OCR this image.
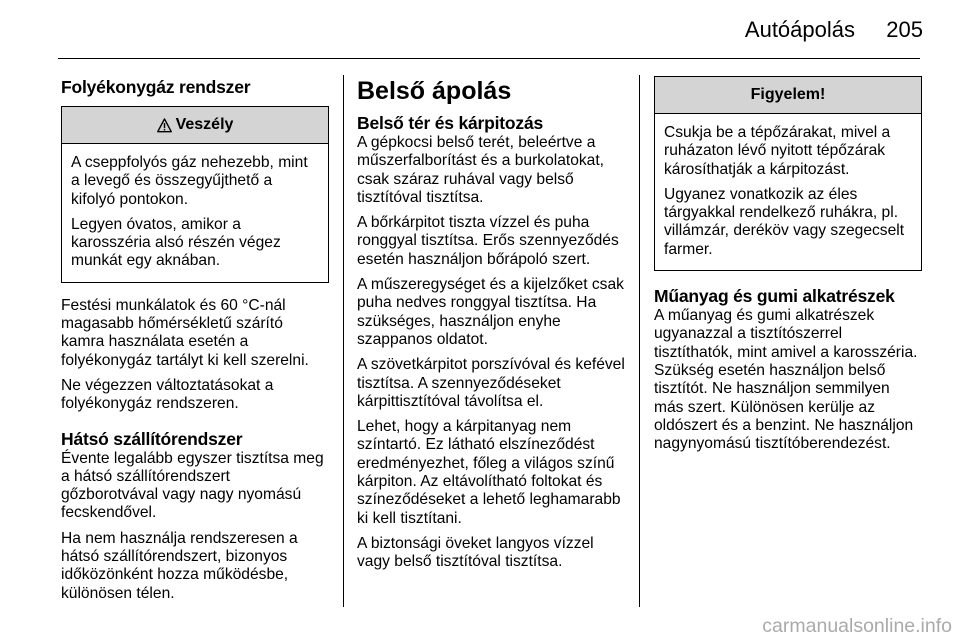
Autóápolás	205
Folyékonygáz rendszer
Veszély

A cseppfolyós gáz nehezebb, mint a levegő és összegyűjthető a kifolyó pontokon.

Legyen óvatos, amikor a karosszéria alsó részén végez munkát egy aknában.

Festési munkálatok és 60 °C-nál magasabb hőmérsékletű szárító kamra használata esetén a folyékonygáz tartályt ki kell szerelni.

Ne végezzen változtatásokat a folyékonygáz rendszeren.

Hátsó szállítórendszer

Évente legalább egyszer tisztítsa meg a hátsó szállítórendszert gőzborotvával vagy nagy nyomású fecskendővel.

Ha nem használja rendszeresen a hátsó szállítórendszert, bizonyos időközönként hozza működésbe, különösen télen.

Belső ápolás
Belső tér és kárpitozás

A gépkocsi belső terét, beleértve a műszerfalborítást és a burkolatokat, csak száraz ruhával vagy belső tisztítóval tisztítsa.

A bőrkárpitot tiszta vízzel és puha ronggyal tisztítsa. Erős szennyeződés esetén használjon bőrápoló szert.

A műszeregységet és a kijelzőket csak puha nedves ronggyal tisztítsa. Ha szükséges, használjon enyhe szappanos oldatot.

A szövetkárpitot porszívóval és kefével tisztítsa. A szennyeződéseket kárpittisztítóval távolítsa el.

Lehet, hogy a kárpitanyag nem színtartó. Ez látható elszíneződést eredményezhet, főleg a világos színű kárpiton. Az eltávolítható foltokat és színeződéseket a lehető leghamarabb ki kell tisztítani.

A biztonsági öveket langyos vízzel vagy belső tisztítóval tisztítsa.

Figyelem!

Csukja be a tépőzárakat, mivel a ruházaton lévő nyitott tépőzárak károsíthatják a kárpitozást.

Ugyanez vonatkozik az éles tárgyakkal rendelkező ruhákra, pl. villámzár, deréköv vagy szegecselt farmer.

Műanyag és gumi alkatrészek

A műanyag és gumi alkatrészek ugyanazzal a tisztítószerrel tisztíthatók, mint amivel a karosszéria. Szükség esetén használjon belső tisztítót. Ne használjon semmilyen más szert. Különösen kerülje az oldószert és a benzint. Ne használjon nagynyomású tisztítóberendezést.

carmanualsonline.info
